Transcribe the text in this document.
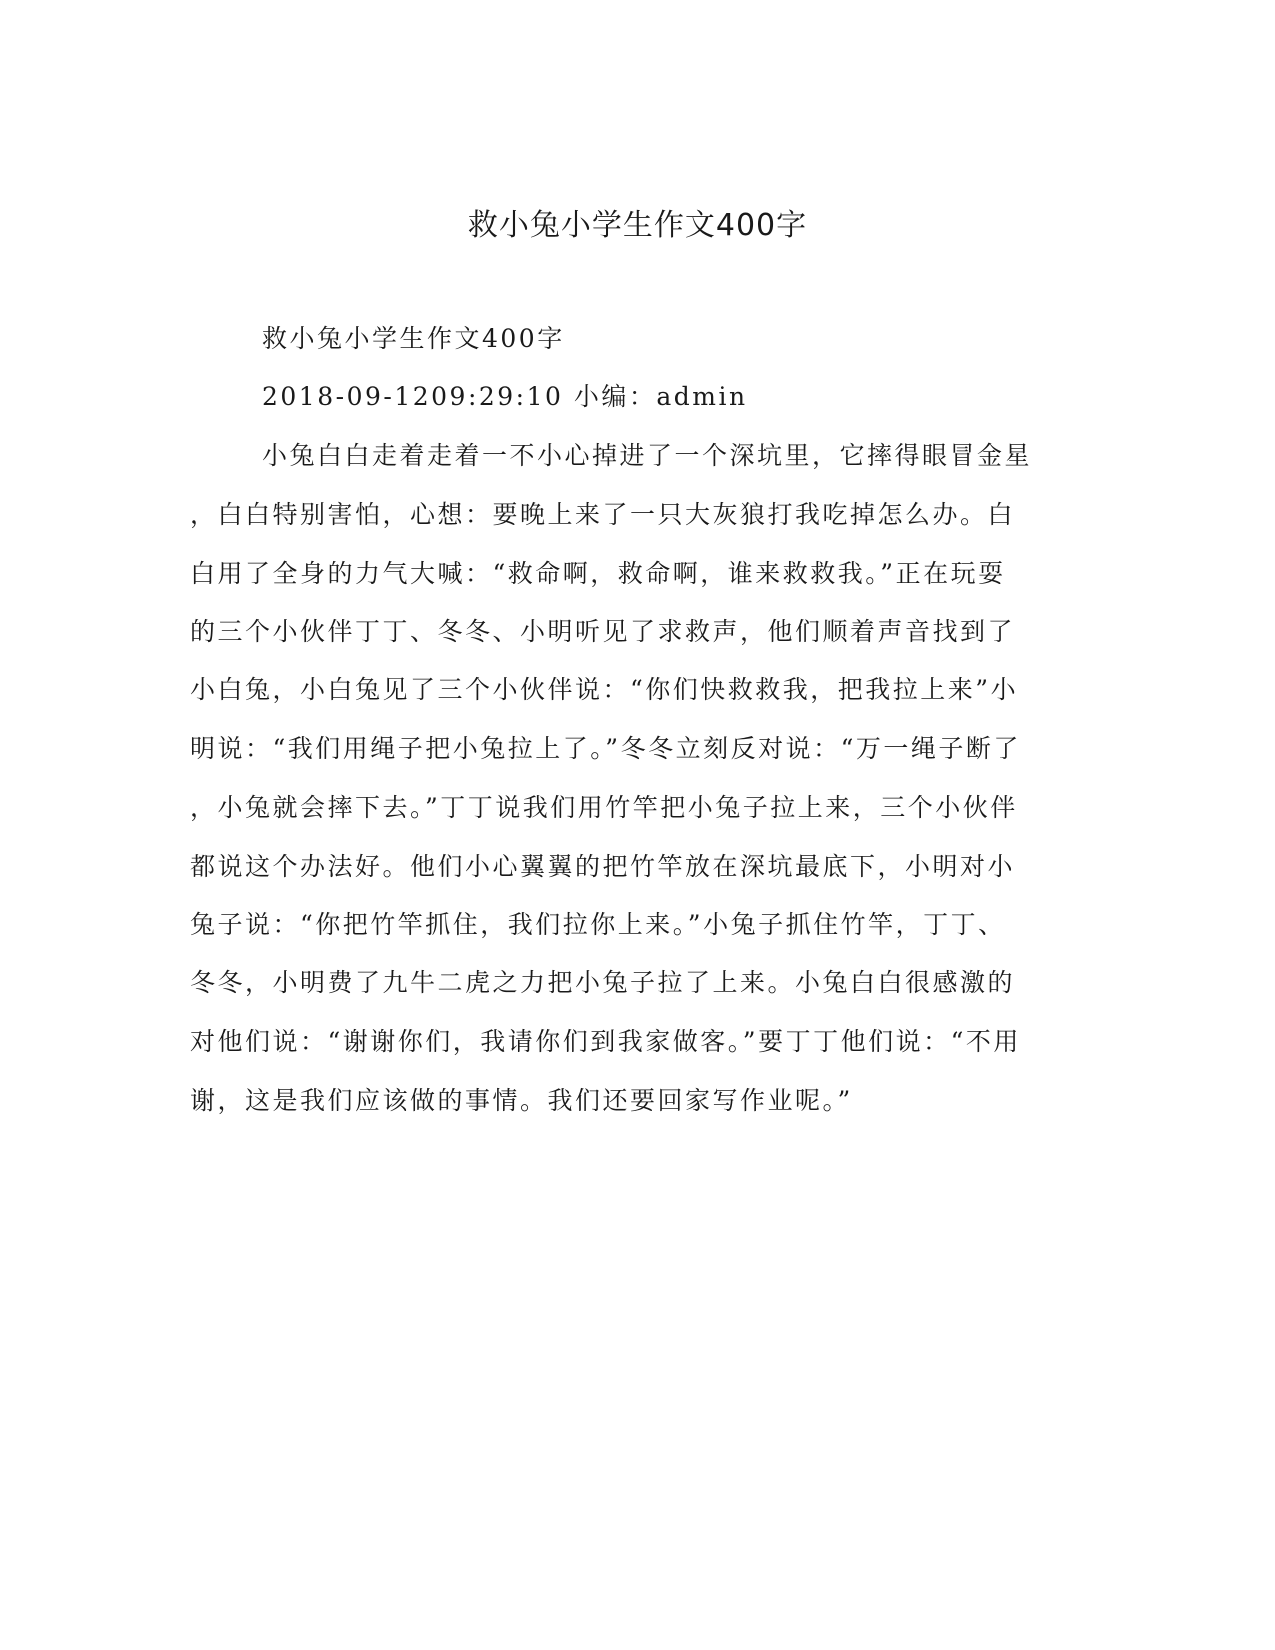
救小兔小学生作文400字

救小兔小学生作文400字

2018-09-1209:29:10 小编：admin

小兔白白走着走着一不小心掉进了一个深坑里，它摔得眼冒金星

，白白特别害怕，心想：要晚上来了一只大灰狼打我吃掉怎么办。白

白用了全身的力气大喊：“救命啊，救命啊，谁来救救我。”正在玩耍

的三个小伙伴丁丁、冬冬、小明听见了求救声，他们顺着声音找到了

小白兔，小白兔见了三个小伙伴说：“你们快救救我，把我拉上来”小

明说：“我们用绳子把小兔拉上了。”冬冬立刻反对说：“万一绳子断了

，小兔就会摔下去。”丁丁说我们用竹竿把小兔子拉上来，三个小伙伴

都说这个办法好。他们小心翼翼的把竹竿放在深坑最底下，小明对小

兔子说：“你把竹竿抓住，我们拉你上来。”小兔子抓住竹竿，丁丁、

冬冬，小明费了九牛二虎之力把小兔子拉了上来。小兔白白很感激的

对他们说：“谢谢你们，我请你们到我家做客。”要丁丁他们说：“不用

谢，这是我们应该做的事情。我们还要回家写作业呢。”
